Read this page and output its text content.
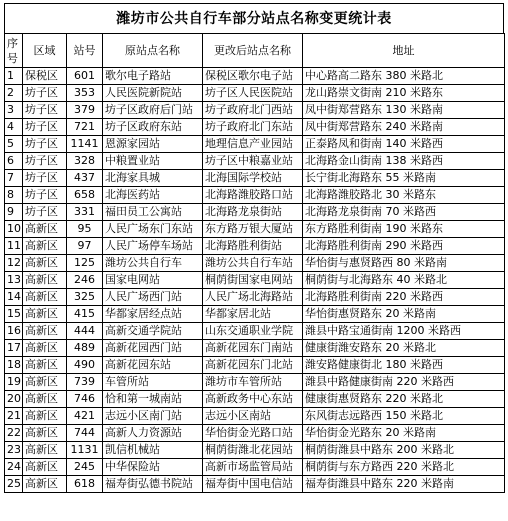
潍坊市公共自行车部分站点名称变更统计表
序号	区域	站号	原站点名称	更改后站点名称	地址
1	保税区	601	歌尔电子路站	保税区歌尔电子站	中心路高二路东 380 米路北
2	坊子区	353	人民医院新院站	坊子区人民医院站	龙山路崇文街南 210 米路东
3	坊子区	379	坊子区政府后门站	坊子政府北门西站	凤中街郑营路东 130 米路南
4	坊子区	721	坊子区政府东站	坊子政府北门东站	凤中街郑营路东 240 米路南
5	坊子区	1141	恩源家园站	地理信息产业园站	正泰路凤和街南 140 米路西
6	坊子区	328	中粮置业站	坊子区中粮嘉业站	北海路金山街南 138 米路西
7	坊子区	437	北海家具城	北海国际学校站	长宁街北海路东 55 米路南
8	坊子区	658	北海医药站	北海路潍胶路口站	北海路潍胶路北 30 米路东
9	坊子区	331	福田员工公寓站	北海路龙泉街站	北海路龙泉街南 70 米路西
10	高新区	95	人民广场东门东站	东方路万银大厦站	东方路胜利街南 190 米路东
11	高新区	97	人民广场停车场站	北海路胜利街站	北海路胜利街南 290 米路西
12	高新区	125	潍坊公共自行车	潍坊公共自行车站	华怡街与惠贤路西 80 米路南
13	高新区	246	国家电网站	桐荫街国家电网站	桐荫街与北海路东 40 米路北
14	高新区	325	人民广场西门站	人民广场北海路站	北海路胜利街南 220 米路西
15	高新区	415	华都家居经点站	华都家居北站	华怡街惠贤路东 20 米路南
16	高新区	444	高新交通学院站	山东交通职业学院	潍县中路宝通街南 1200 米路西
17	高新区	489	高新花园西门站	高新花园东门南站	健康街潍安路东 20 米路北
18	高新区	490	高新花园东站	高新花园东门北站	潍安路健康街北 180 米路西
19	高新区	739	车管所站	潍坊市车管所站	潍县中路健康街南 220 米路西
20	高新区	746	恰和第一城南站	高新政务中心东站	健康街惠贤路东 220 米路北
21	高新区	421	志远小区南门站	志远小区南站	东风街志远路西 150 米路北
22	高新区	744	高新人力资源站	华怡街金光路口站	华怡街金光路东 20 米路南
23	高新区	1131	凯信机械站	桐荫街潍北花园站	桐荫街潍县中路东 200 米路北
24	高新区	245	中华保险站	高新市场监管局站	桐荫街与东方路西 220 米路北
25	高新区	618	福寿街弘德书院站	福寿街中国电信站	福寿街潍县中路东 220 米路南
